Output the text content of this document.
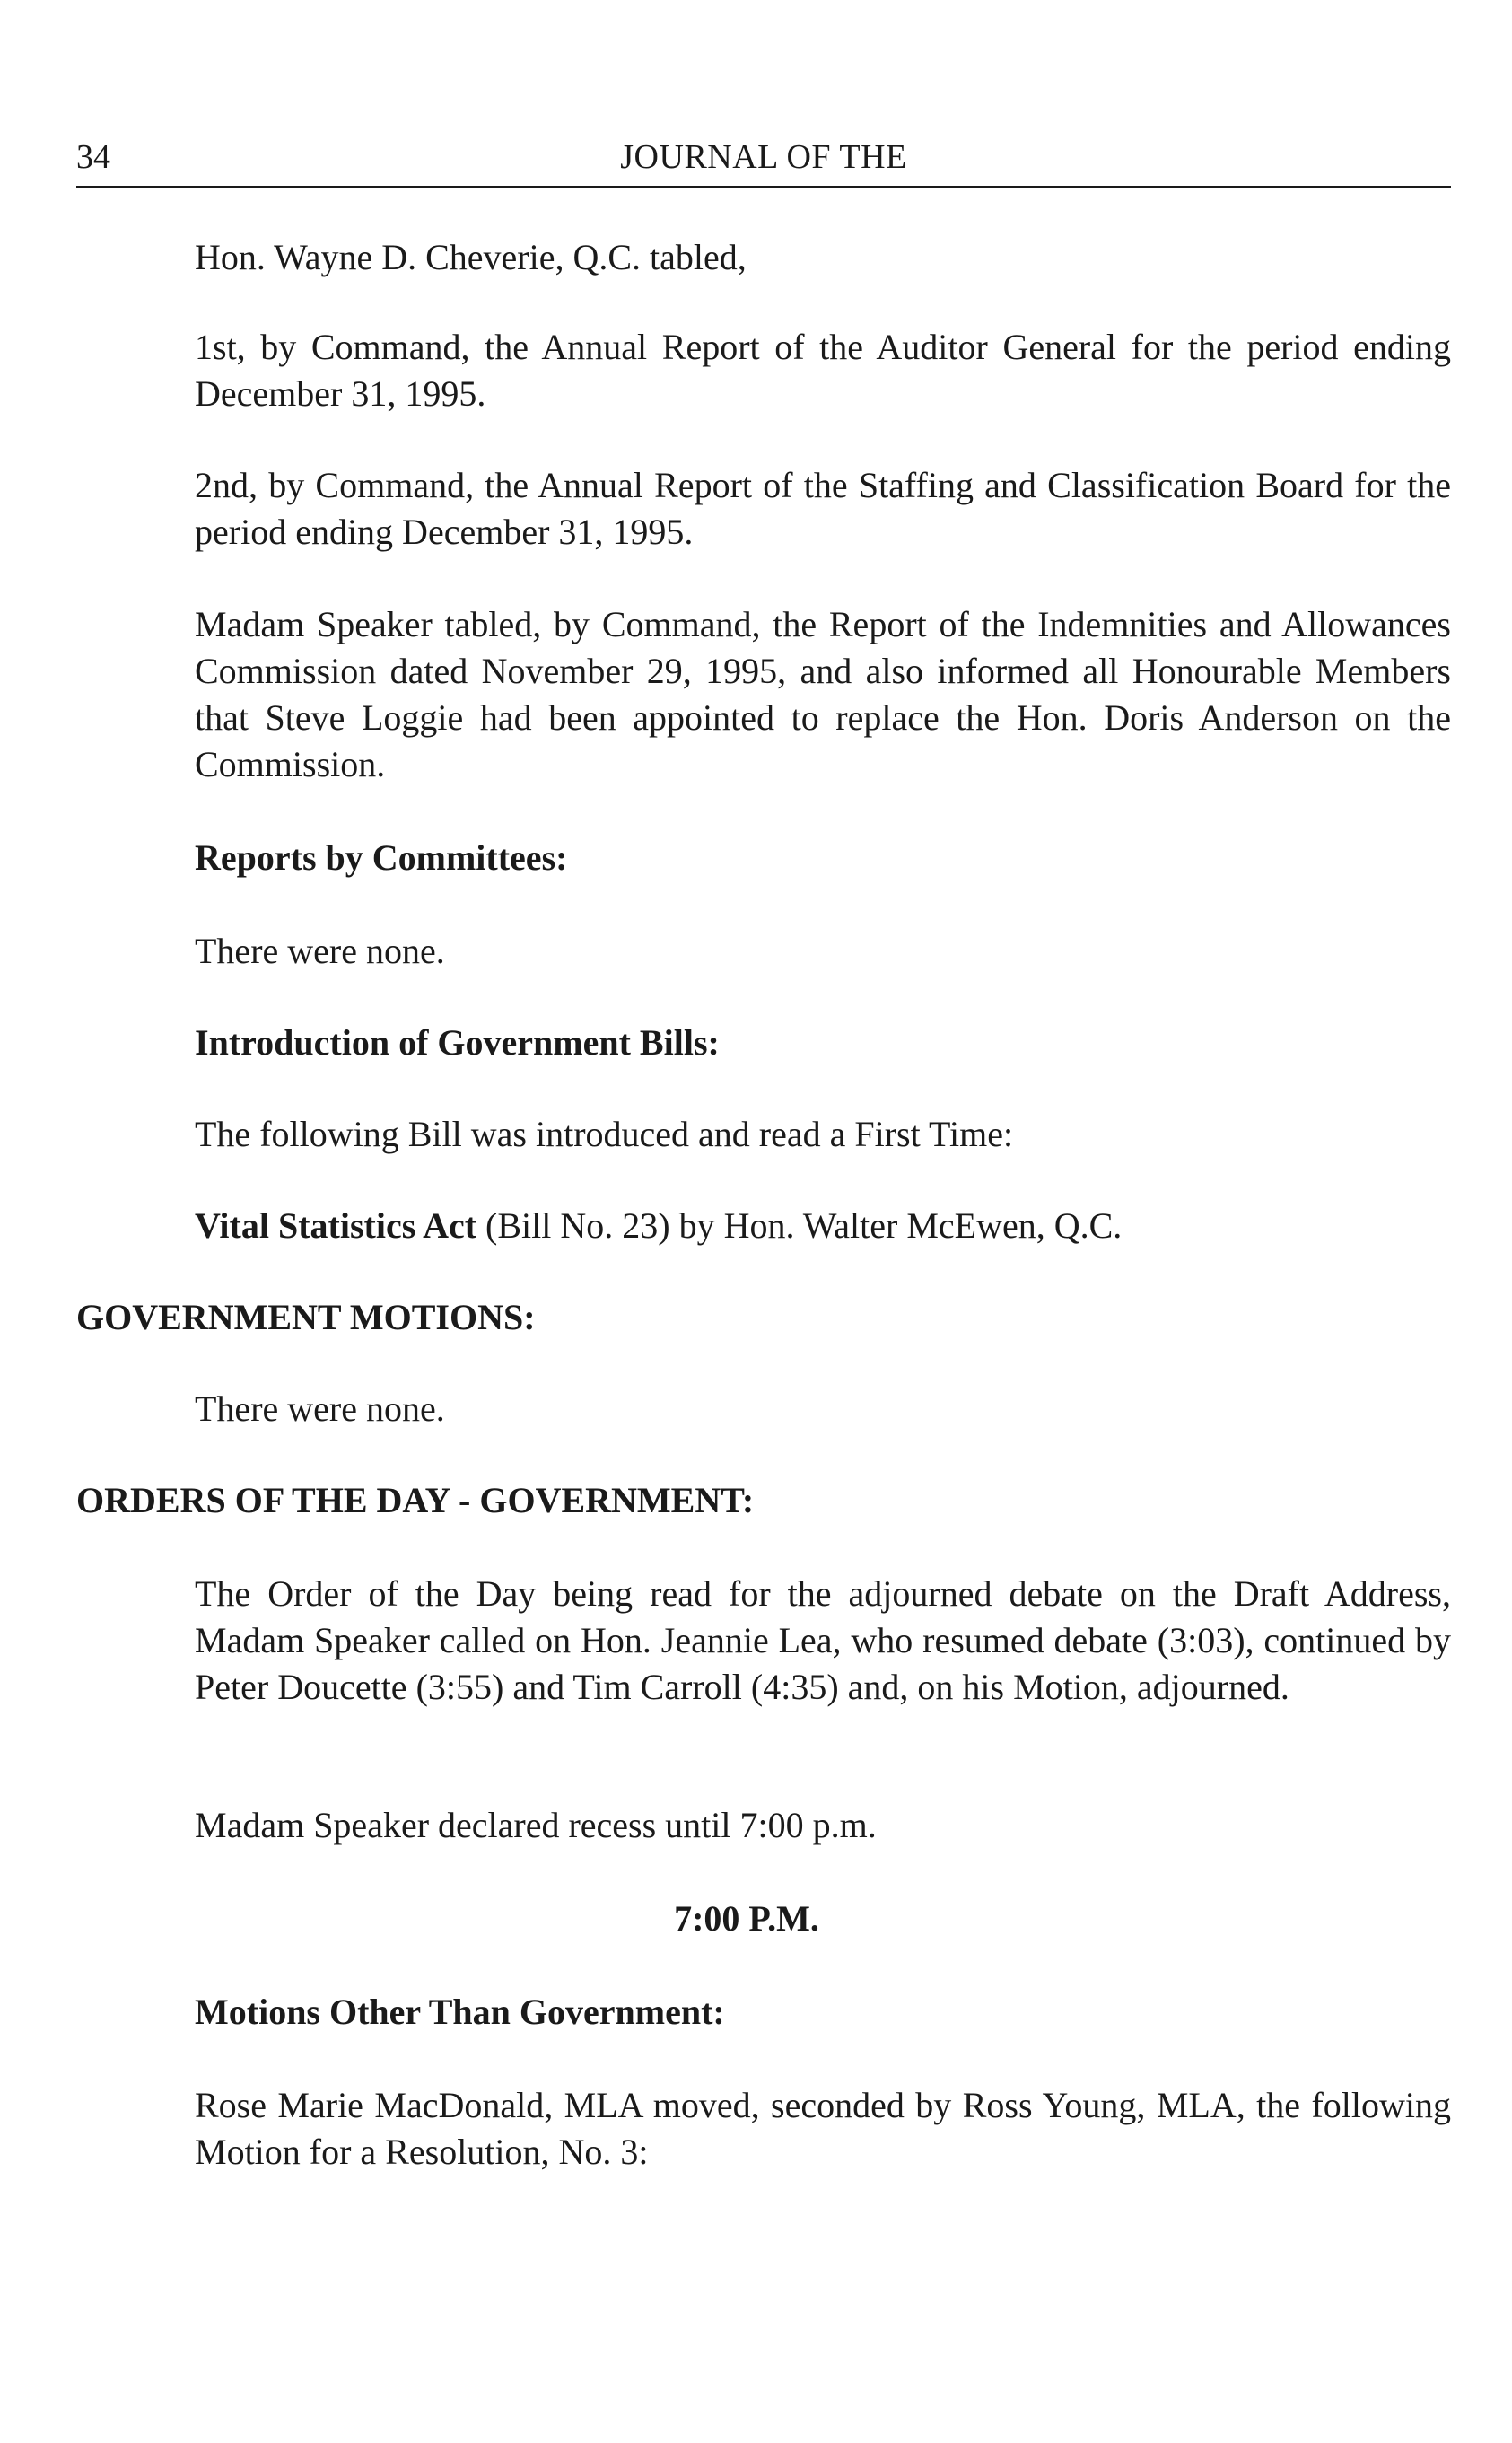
34	JOURNAL OF THE

Hon. Wayne D. Cheverie, Q.C. tabled,

1st, by Command, the Annual Report of the Auditor General for the period ending December 31, 1995.

2nd, by Command, the Annual Report of the Staffing and Classification Board for the period ending December 31, 1995.

Madam Speaker tabled, by Command, the Report of the Indemnities and Allowances Commission dated November 29, 1995, and also informed all Honourable Members that Steve Loggie had been appointed to replace the Hon. Doris Anderson on the Commission.

Reports by Committees:

There were none.

Introduction of Government Bills:

The following Bill was introduced and read a First Time:

Vital Statistics Act (Bill No. 23) by Hon. Walter McEwen, Q.C.

GOVERNMENT MOTIONS:

There were none.

ORDERS OF THE DAY - GOVERNMENT:

The Order of the Day being read for the adjourned debate on the Draft Address, Madam Speaker called on Hon. Jeannie Lea, who resumed debate (3:03), continued by Peter Doucette (3:55) and Tim Carroll (4:35) and, on his Motion, adjourned.

Madam Speaker declared recess until 7:00 p.m.

7:00 P.M.

Motions Other Than Government:

Rose Marie MacDonald, MLA moved, seconded by Ross Young, MLA, the following Motion for a Resolution, No. 3:
